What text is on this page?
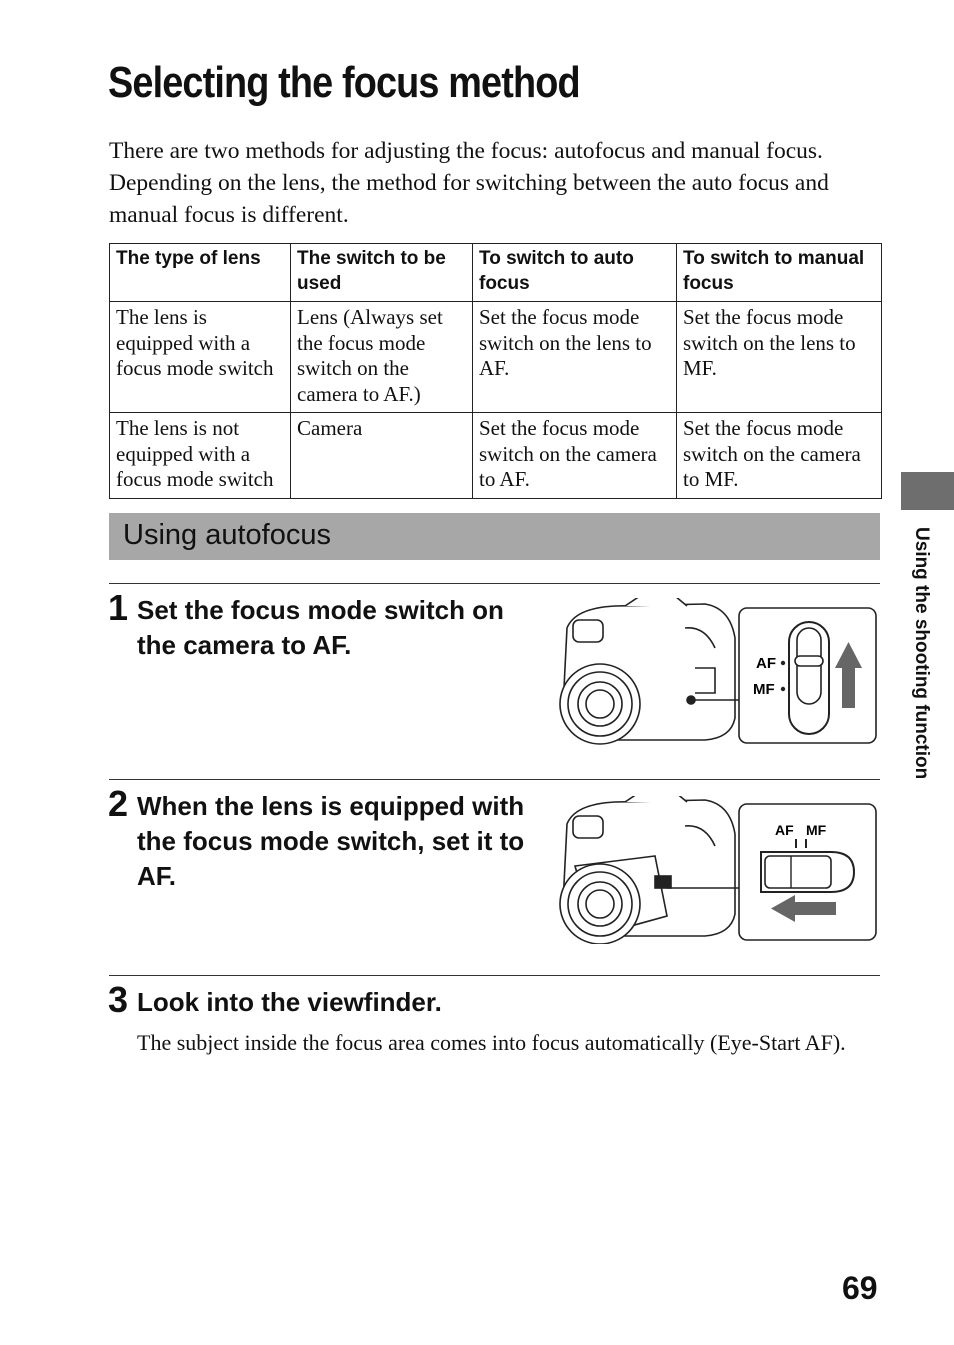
Selecting the focus method

There are two methods for adjusting the focus: autofocus and manual focus. Depending on the lens, the method for switching between the auto focus and manual focus is different.

The type of lens	The switch to be used	To switch to auto focus	To switch to manual focus
The lens is equipped with a focus mode switch	Lens (Always set the focus mode switch on the camera to AF.)	Set the focus mode switch on the lens to AF.	Set the focus mode switch on the lens to MF.
The lens is not equipped with a focus mode switch	Camera	Set the focus mode switch on the camera to AF.	Set the focus mode switch on the camera to MF.
Using autofocus
1 Set the focus mode switch on the camera to AF.

AF
MF
2 When the lens is equipped with the focus mode switch, set it to AF.

AF MF
3 Look into the viewfinder.

The subject inside the focus area comes into focus automatically (Eye-Start AF).

Using the shooting function
69
